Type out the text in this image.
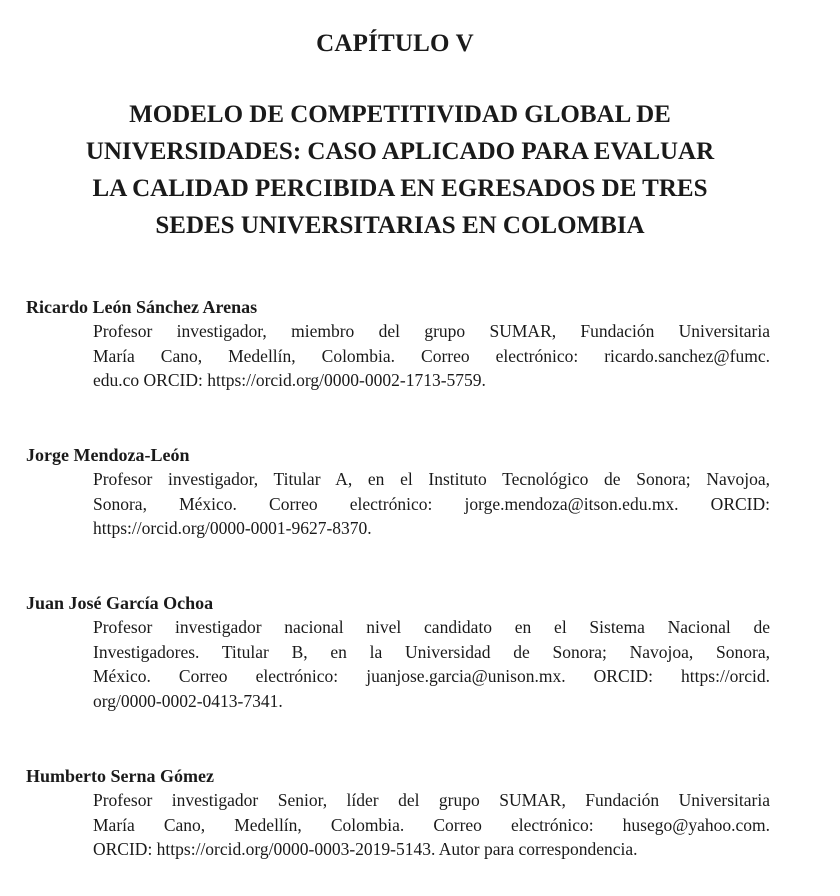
CAPÍTULO V
MODELO DE COMPETITIVIDAD GLOBAL DE
UNIVERSIDADES: CASO APLICADO PARA EVALUAR
LA CALIDAD PERCIBIDA EN EGRESADOS DE TRES
SEDES UNIVERSITARIAS EN COLOMBIA
Ricardo León Sánchez Arenas
Profesor investigador, miembro del grupo SUMAR, Fundación Universitaria
María Cano, Medellín, Colombia. Correo electrónico: ricardo.sanchez@fumc.
edu.co ORCID: https://orcid.org/0000-0002-1713-5759.
Jorge Mendoza-León
Profesor investigador, Titular A, en el Instituto Tecnológico de Sonora; Navojoa,
Sonora, México. Correo electrónico: jorge.mendoza@itson.edu.mx. ORCID:
https://orcid.org/0000-0001-9627-8370.
Juan José García Ochoa
Profesor investigador nacional nivel candidato en el Sistema Nacional de
Investigadores. Titular B, en la Universidad de Sonora; Navojoa, Sonora,
México. Correo electrónico: juanjose.garcia@unison.mx. ORCID: https://orcid.
org/0000-0002-0413-7341.
Humberto Serna Gómez
Profesor investigador Senior, líder del grupo SUMAR, Fundación Universitaria
María Cano, Medellín, Colombia. Correo electrónico: husego@yahoo.com.
ORCID: https://orcid.org/0000-0003-2019-5143. Autor para correspondencia.
